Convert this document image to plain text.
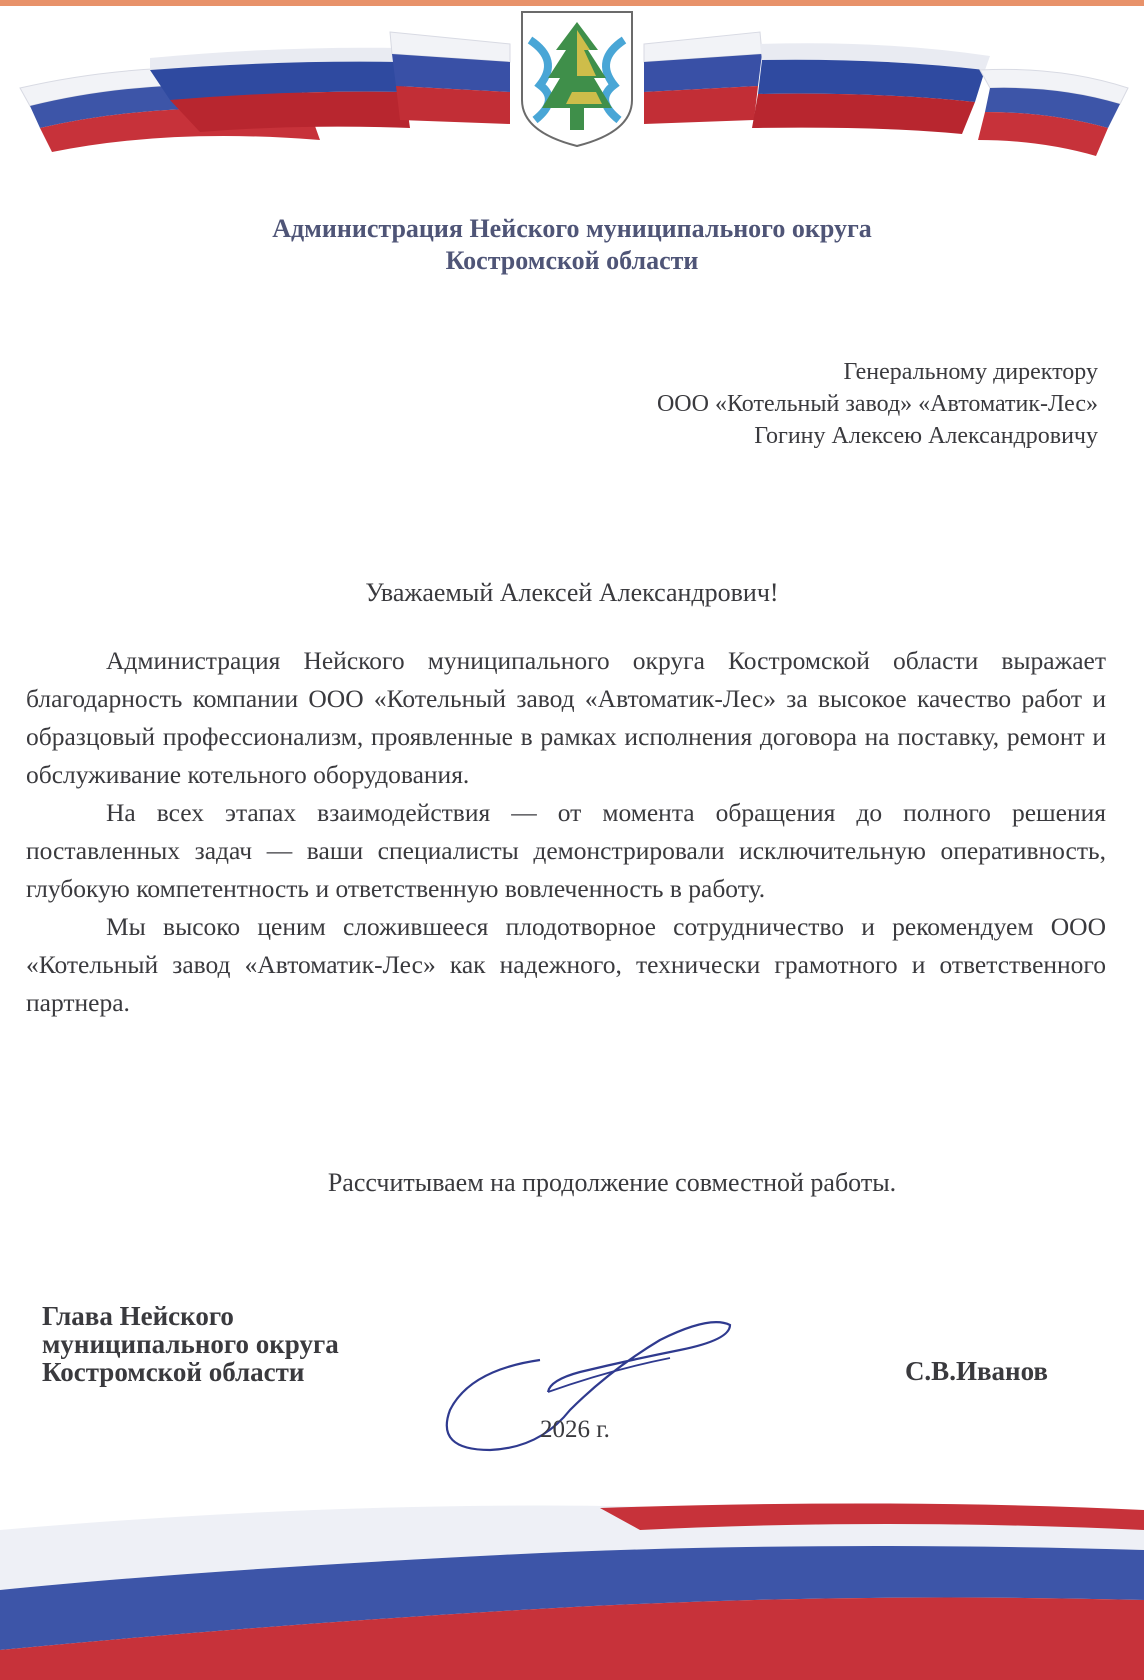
Администрация Нейского муниципального округа
Костромской области
Генеральному директору
ООО «Котельный завод» «Автоматик-Лес»
Гогину Алексею Александровичу
Уважаемый Алексей Александрович!

Администрация Нейского муниципального округа Костромской области выражает благодарность компании ООО «Котельный завод «Автоматик-Лес» за высокое качество работ и образцовый профессионализм, проявленные в рамках исполнения договора на поставку, ремонт и обслуживание котельного оборудования.

На всех этапах взаимодействия — от момента обращения до полного решения поставленных задач — ваши специалисты демонстрировали исключительную оперативность, глубокую компетентность и ответственную вовлеченность в работу.

Мы высоко ценим сложившееся плодотворное сотрудничество и рекомендуем ООО «Котельный завод «Автоматик-Лес» как надежного, технически грамотного и ответственного партнера.

Рассчитываем на продолжение совместной работы.
Глава Нейского
муниципального округа
Костромской области	С.В.Иванов
2026 г.
